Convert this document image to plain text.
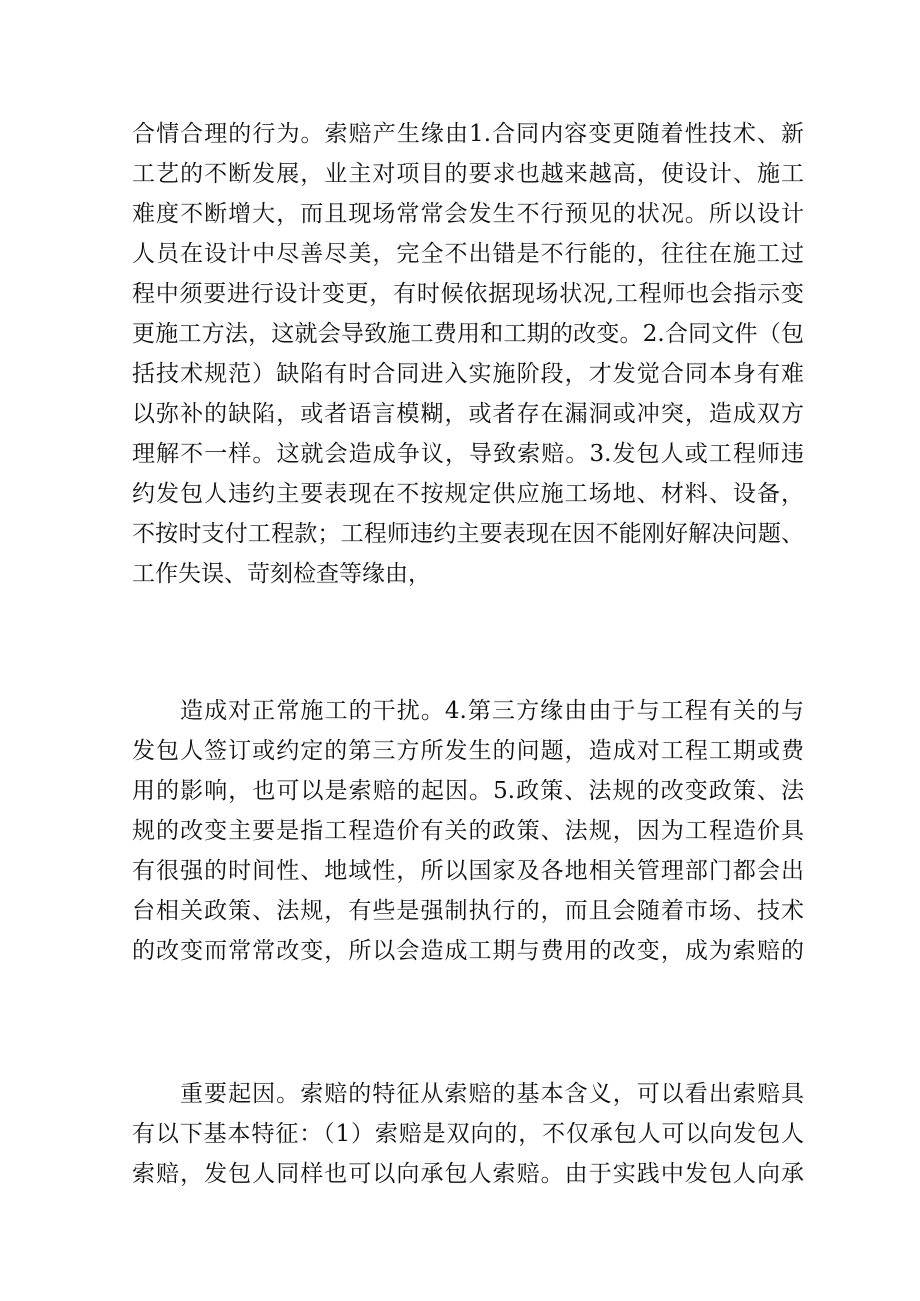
合情合理的行为。索赔产生缘由1.合同内容变更随着性技术、新
工艺的不断发展，业主对项目的要求也越来越高，使设计、施工
难度不断增大，而且现场常常会发生不行预见的状况。所以设计
人员在设计中尽善尽美，完全不出错是不行能的，往往在施工过
程中须要进行设计变更，有时候依据现场状况,工程师也会指示变
更施工方法，这就会导致施工费用和工期的改变。2.合同文件（包
括技术规范）缺陷有时合同进入实施阶段，才发觉合同本身有难
以弥补的缺陷，或者语言模糊，或者存在漏洞或冲突，造成双方
理解不一样。这就会造成争议，导致索赔。3.发包人或工程师违
约发包人违约主要表现在不按规定供应施工场地、材料、设备，
不按时支付工程款；工程师违约主要表现在因不能刚好解决问题、
工作失误、苛刻检查等缘由，
造成对正常施工的干扰。4.第三方缘由由于与工程有关的与
发包人签订或约定的第三方所发生的问题，造成对工程工期或费
用的影响，也可以是索赔的起因。5.政策、法规的改变政策、法
规的改变主要是指工程造价有关的政策、法规，因为工程造价具
有很强的时间性、地域性，所以国家及各地相关管理部门都会出
台相关政策、法规，有些是强制执行的，而且会随着市场、技术
的改变而常常改变，所以会造成工期与费用的改变，成为索赔的
重要起因。索赔的特征从索赔的基本含义，可以看出索赔具
有以下基本特征：（1）索赔是双向的，不仅承包人可以向发包人
索赔，发包人同样也可以向承包人索赔。由于实践中发包人向承
